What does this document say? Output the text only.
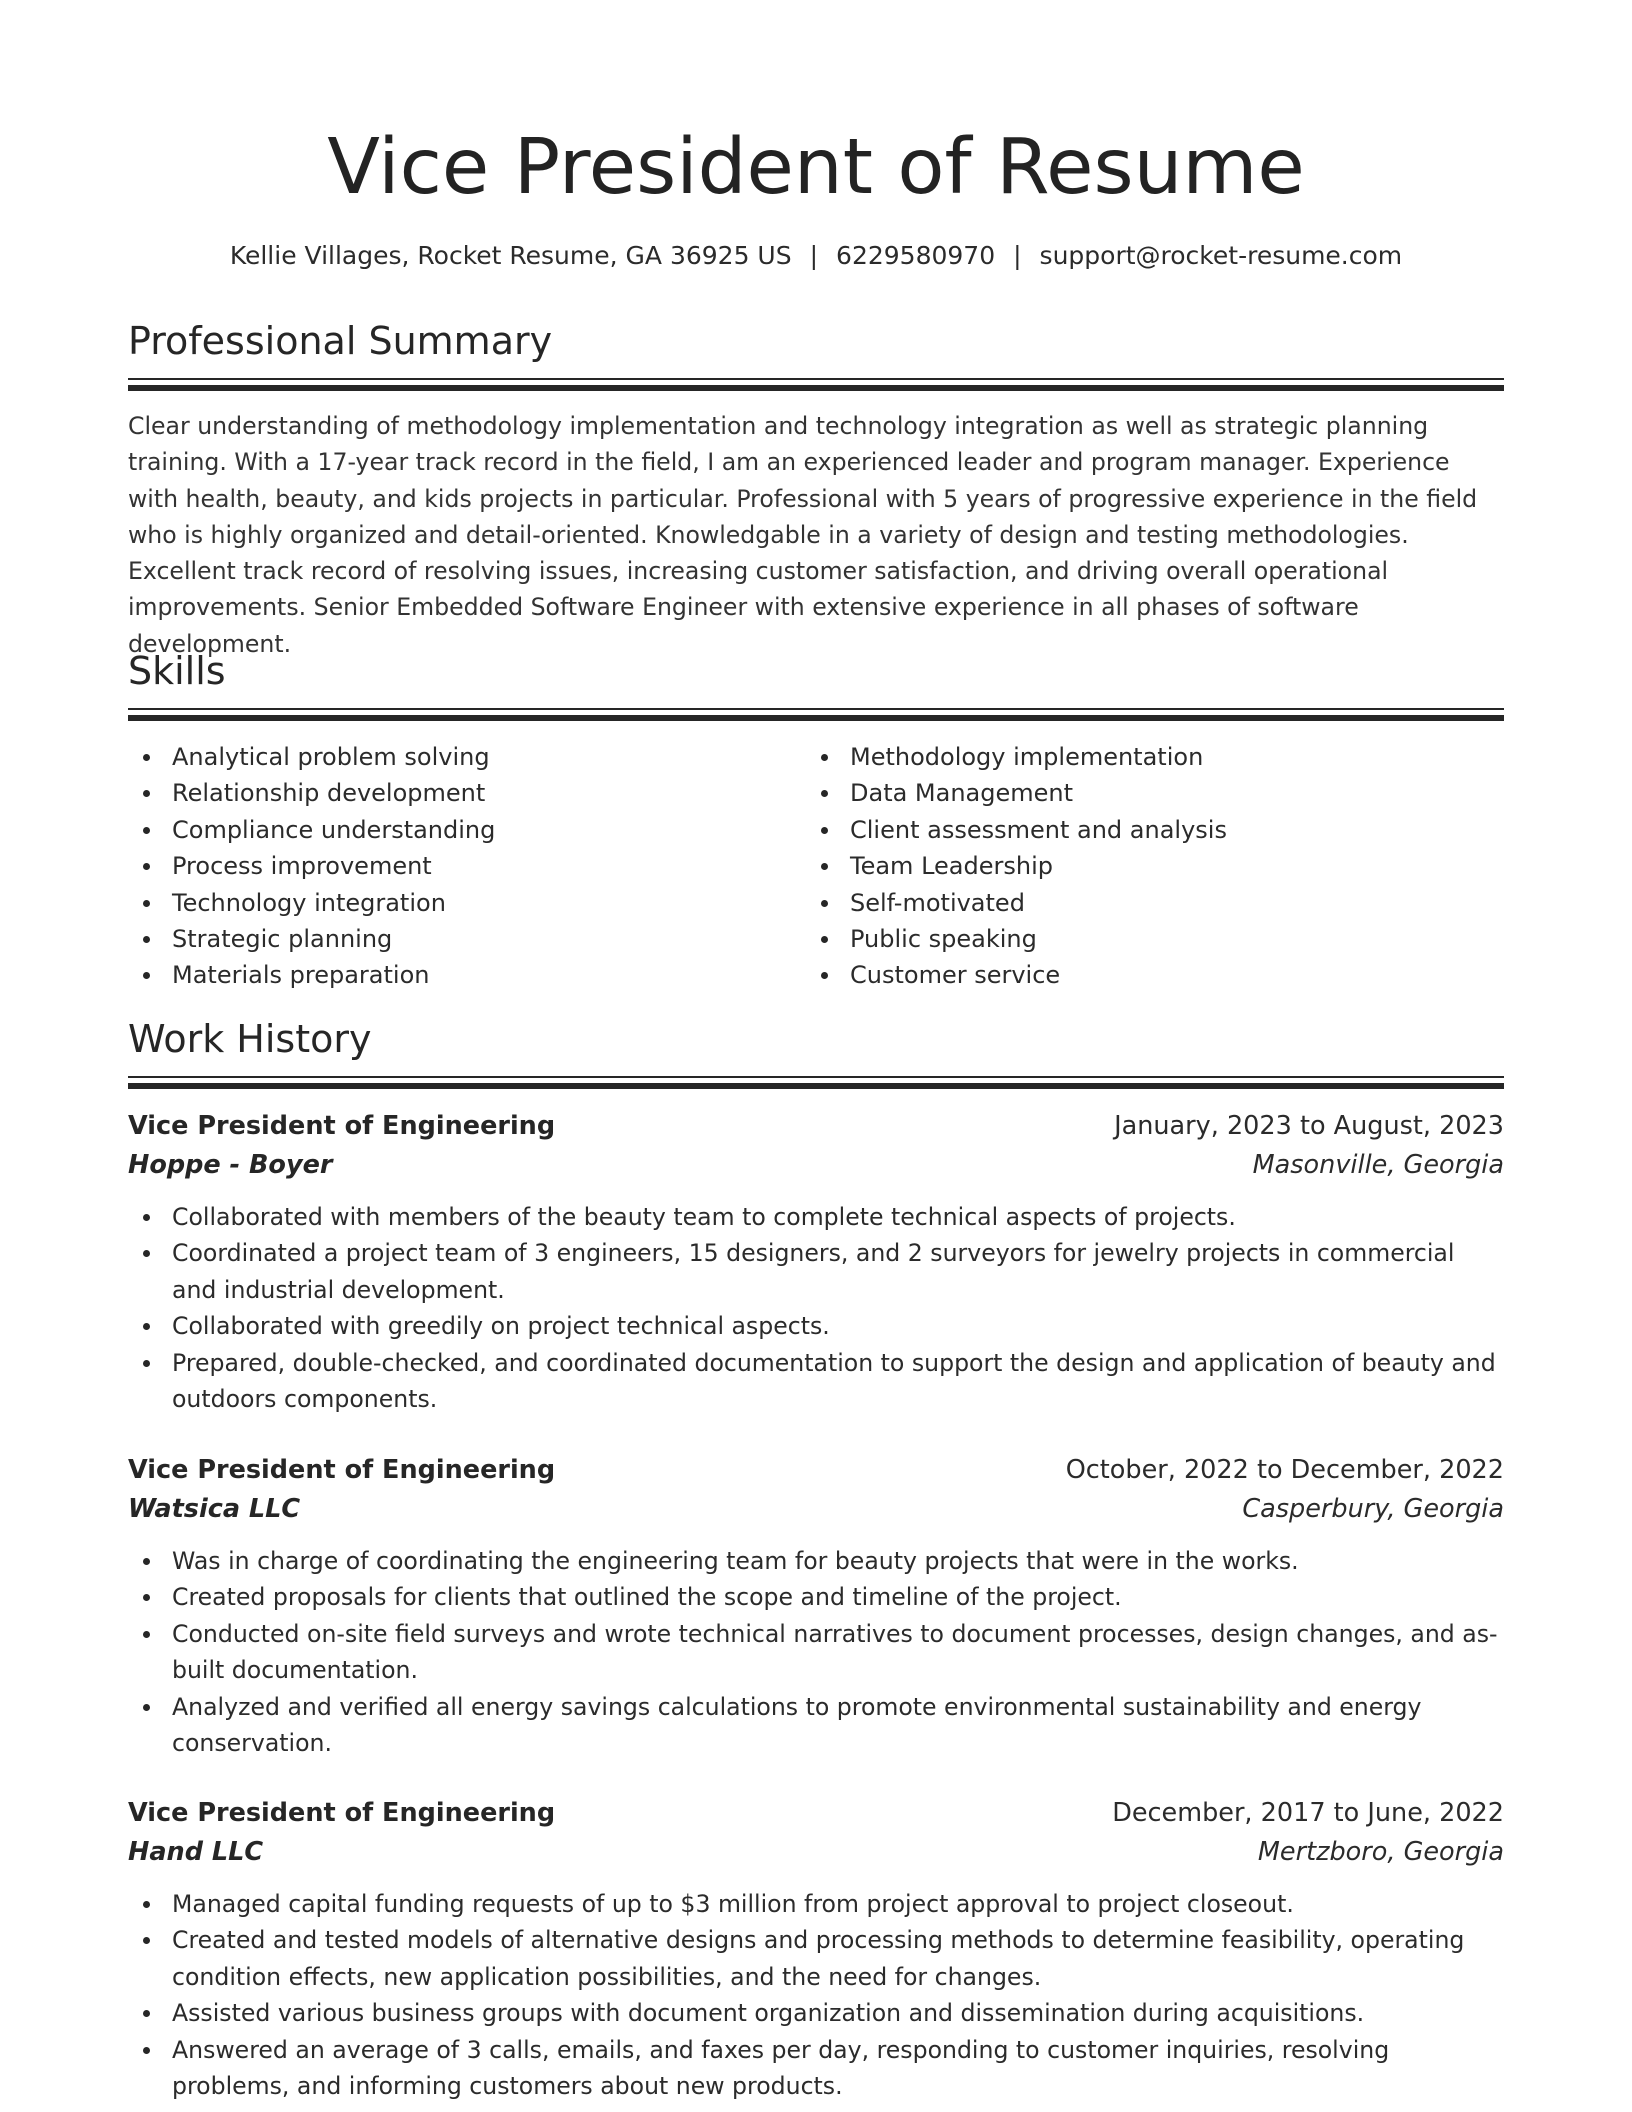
Vice President of Resume
Kellie Villages, Rocket Resume, GA 36925 US | 6229580970 | support@rocket-resume.com
Professional Summary

Clear understanding of methodology implementation and technology integration as well as strategic planning training. With a 17-year track record in the field, I am an experienced leader and program manager. Experience with health, beauty, and kids projects in particular. Professional with 5 years of progressive experience in the field who is highly organized and detail-oriented. Knowledgable in a variety of design and testing methodologies. Excellent track record of resolving issues, increasing customer satisfaction, and driving overall operational improvements. Senior Embedded Software Engineer with extensive experience in all phases of software development.

Skills
Analytical problem solving
Relationship development
Compliance understanding
Process improvement
Technology integration
Strategic planning
Materials preparation
Methodology implementation
Data Management
Client assessment and analysis
Team Leadership
Self-motivated
Public speaking
Customer service
Work History
Vice President of Engineering	January, 2023 to August, 2023
Hoppe - Boyer	Masonville, Georgia
Collaborated with members of the beauty team to complete technical aspects of projects.
Coordinated a project team of 3 engineers, 15 designers, and 2 surveyors for jewelry projects in commercial and industrial development.
Collaborated with greedily on project technical aspects.
Prepared, double-checked, and coordinated documentation to support the design and application of beauty and outdoors components.
Vice President of Engineering	October, 2022 to December, 2022
Watsica LLC	Casperbury, Georgia
Was in charge of coordinating the engineering team for beauty projects that were in the works.
Created proposals for clients that outlined the scope and timeline of the project.
Conducted on-site field surveys and wrote technical narratives to document processes, design changes, and as-built documentation.
Analyzed and verified all energy savings calculations to promote environmental sustainability and energy conservation.
Vice President of Engineering	December, 2017 to June, 2022
Hand LLC	Mertzboro, Georgia
Managed capital funding requests of up to $3 million from project approval to project closeout.
Created and tested models of alternative designs and processing methods to determine feasibility, operating condition effects, new application possibilities, and the need for changes.
Assisted various business groups with document organization and dissemination during acquisitions.
Answered an average of 3 calls, emails, and faxes per day, responding to customer inquiries, resolving problems, and informing customers about new products.
